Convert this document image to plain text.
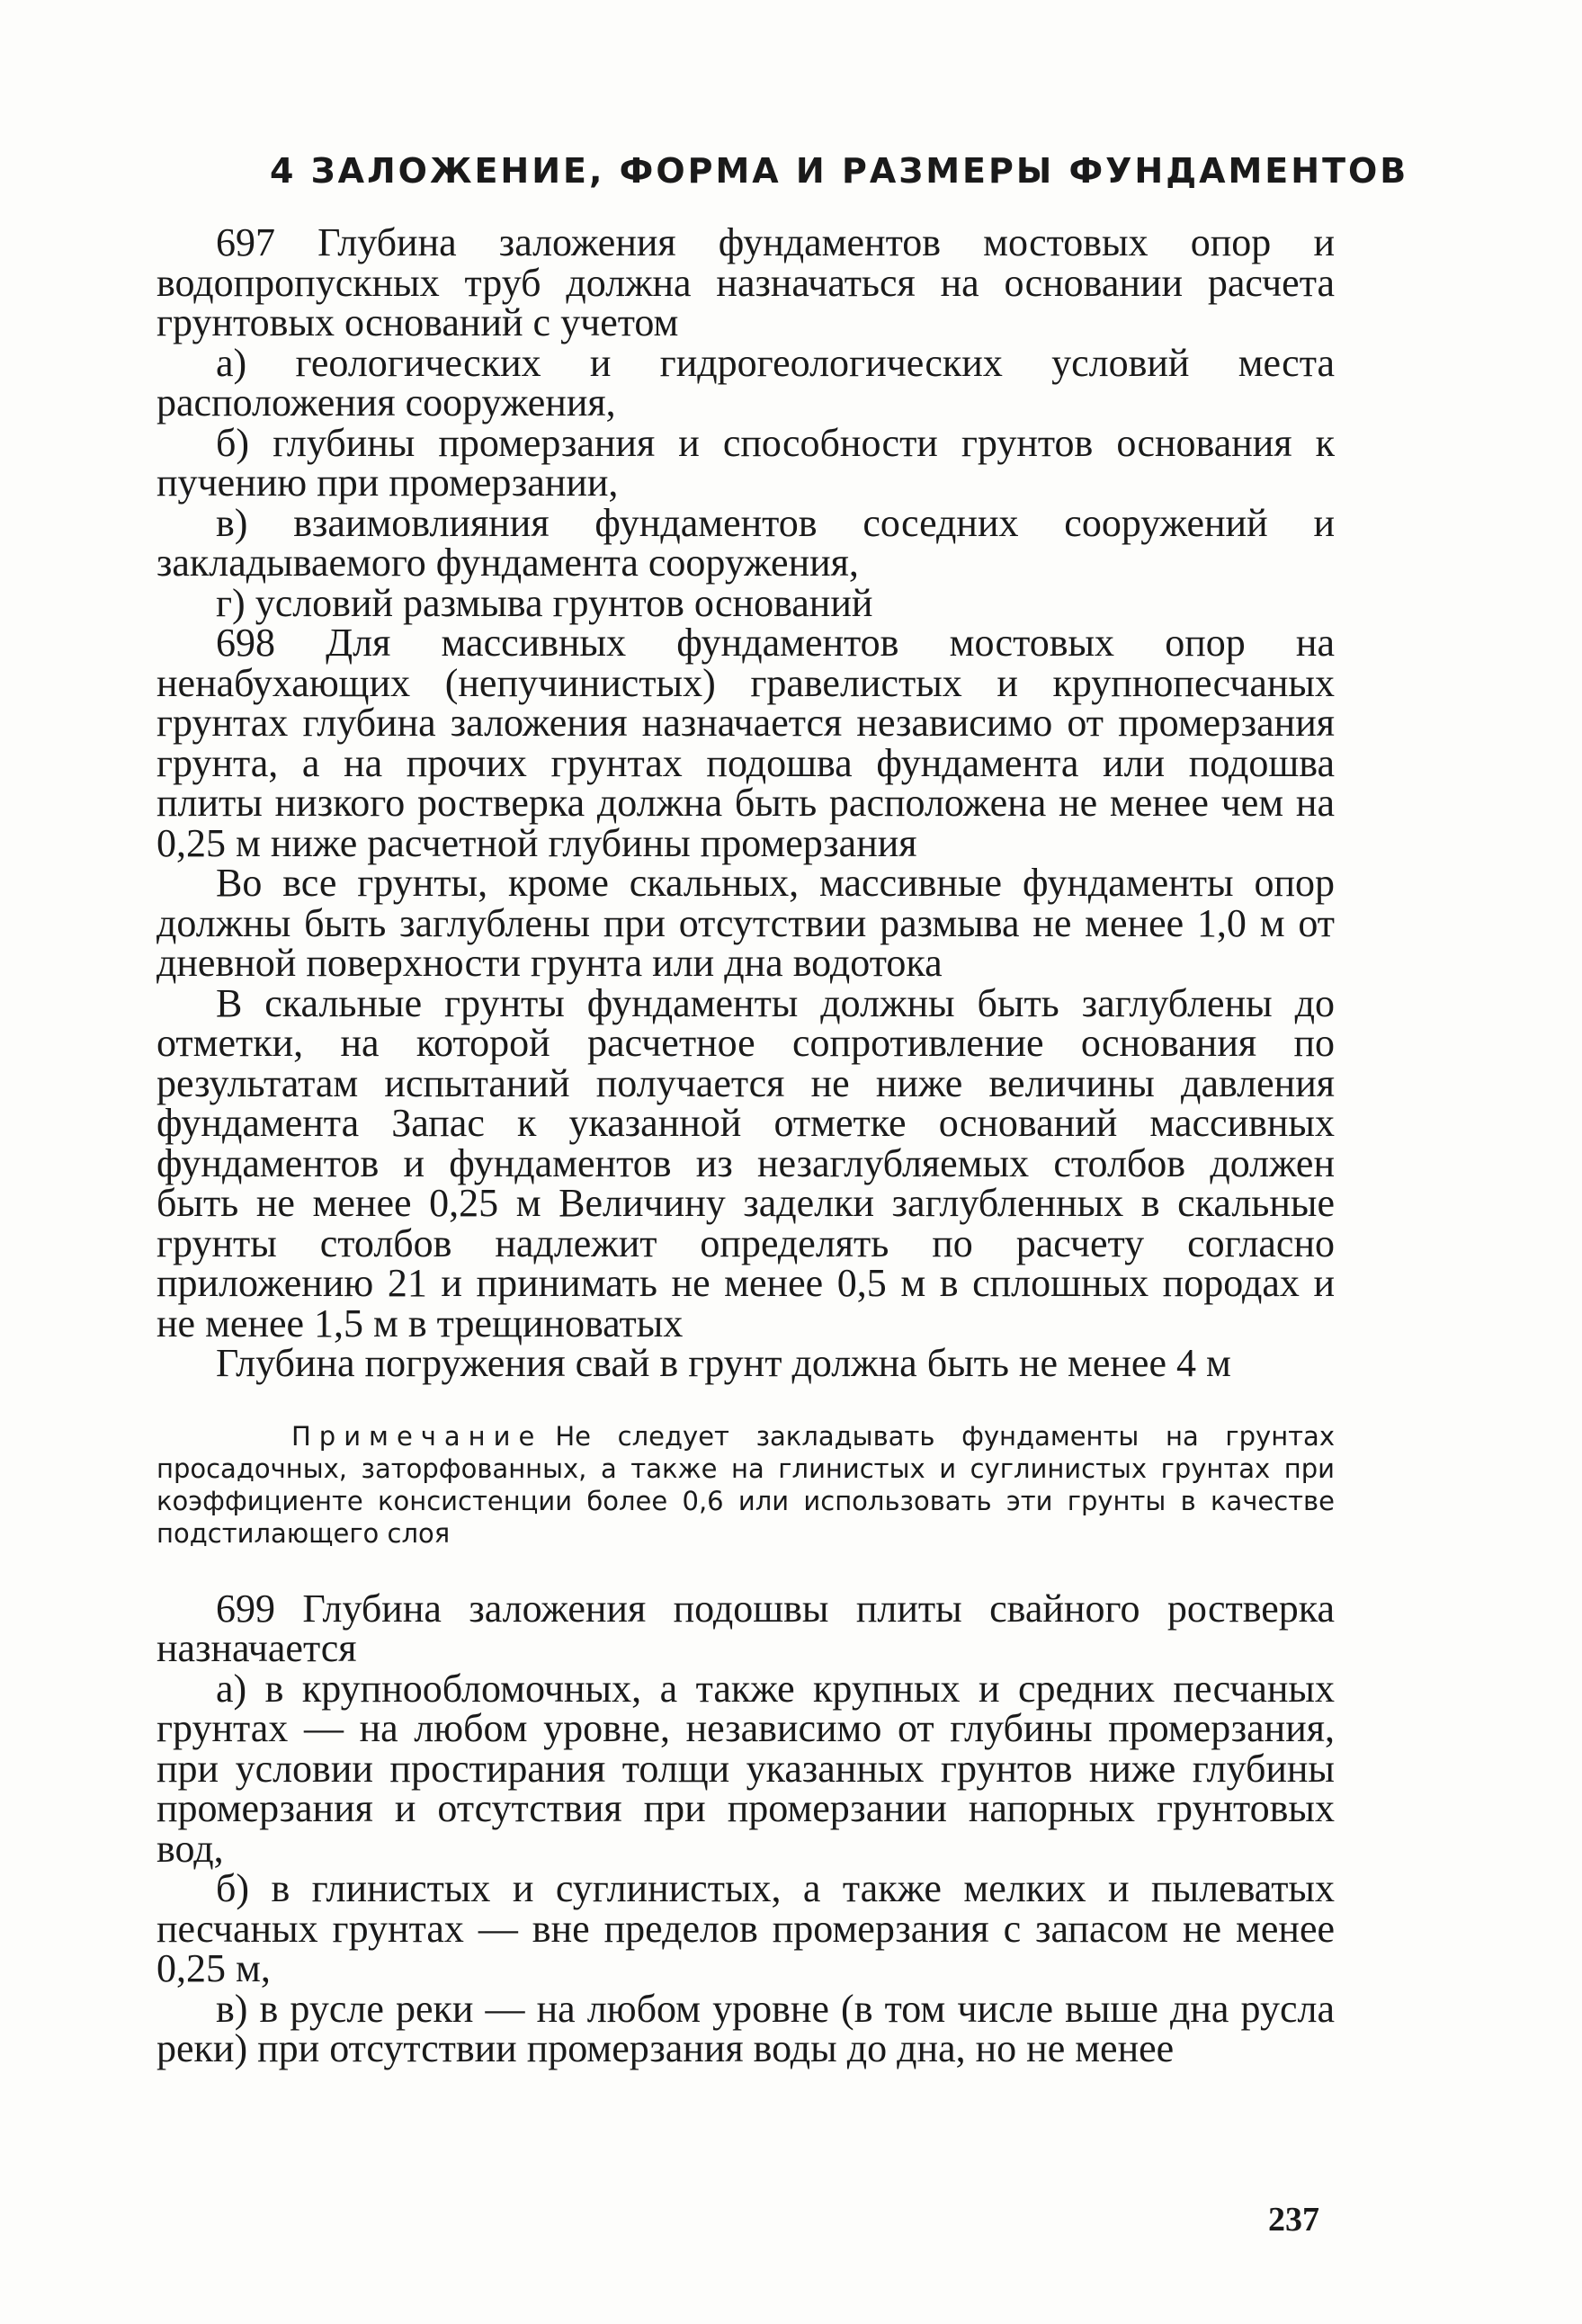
4 ЗАЛОЖЕНИЕ, ФОРМА И РАЗМЕРЫ ФУНДАМЕНТОВ

697 Глубина заложения фундаментов мостовых опор и водопропускных труб должна назначаться на основании расчета грунтовых оснований с учетом

а) геологических и гидрогеологических условий места расположения сооружения,

б) глубины промерзания и способности грунтов основания к пучению при промерзании,

в) взаимовлияния фундаментов соседних сооружений и закладываемого фундамента сооружения,

г) условий размыва грунтов оснований

698 Для массивных фундаментов мостовых опор на ненабухающих (непучинистых) гравелистых и крупнопесчаных грунтах глубина заложения назначается независимо от промерзания грунта, а на прочих грунтах подошва фундамента или подошва плиты низкого ростверка должна быть расположена не менее чем на 0,25 м ниже расчетной глубины промерзания

Во все грунты, кроме скальных, массивные фундаменты опор должны быть заглублены при отсутствии размыва не менее 1,0 м от дневной поверхности грунта или дна водотока

В скальные грунты фундаменты должны быть заглублены до отметки, на которой расчетное сопротивление основания по результатам испытаний получается не ниже величины давления фундамента Запас к указанной отметке оснований массивных фундаментов и фундаментов из незаглубляемых столбов должен быть не менее 0,25 м Величину заделки заглубленных в скальные грунты столбов надлежит определять по расчету согласно приложению 21 и принимать не менее 0,5 м в сплошных породах и не менее 1,5 м в трещиноватых

Глубина погружения свай в грунт должна быть не менее 4 м

Примечание Не следует закладывать фундаменты на грунтах просадочных, заторфованных, а также на глинистых и суглинистых грунтах при коэффициенте консистенции более 0,6 или использовать эти грунты в качестве подстилающего слоя

699 Глубина заложения подошвы плиты свайного ростверка назначается

а) в крупнообломочных, а также крупных и средних песчаных грунтах — на любом уровне, независимо от глубины промерзания, при условии простирания толщи указанных грунтов ниже глубины промерзания и отсутствия при промерзании напорных грунтовых вод,

б) в глинистых и суглинистых, а также мелких и пылеватых песчаных грунтах — вне пределов промерзания с запасом не менее 0,25 м,

в) в русле реки — на любом уровне (в том числе выше дна русла реки) при отсутствии промерзания воды до дна, но не менее

237
